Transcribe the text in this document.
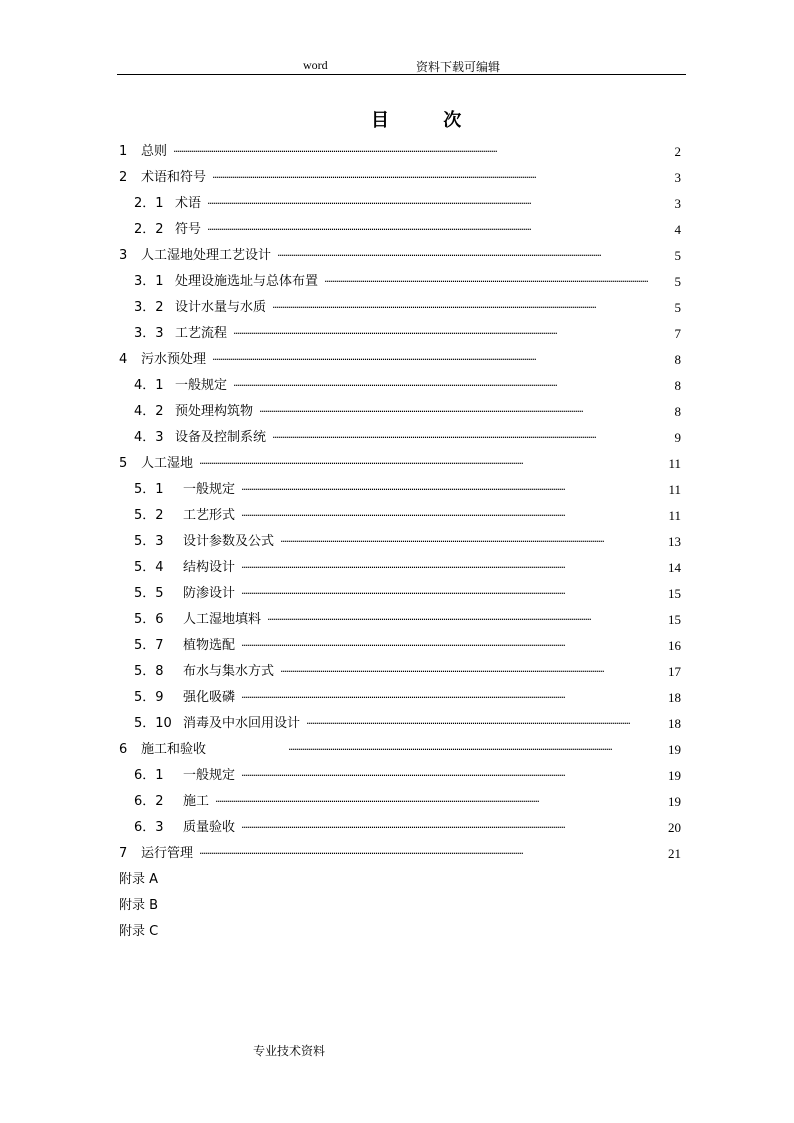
word	资料下载可编辑
目 次
1 总则	2
·····
2 术语和符号	3
·····
2．1 术语	3
·····
2．2 符号	4
·····
3 人工湿地处理工艺设计	5
·····
3．1 处理设施选址与总体布置	5
·····
3．2 设计水量与水质	5
·····
3．3 工艺流程	7
·····
4 污水预处理	8
·····
4．1 一般规定	8
·····
4．2 预处理构筑物	8
·····
4．3 设备及控制系统	9
·····
5 人工湿地	11
·····
5．1 一般规定	11
·····
5．2 工艺形式	11
·····
5．3 设计参数及公式	13
·····
5．4 结构设计	14
·····
5．5 防渗设计	15
·····
5．6 人工湿地填料	15
·····
5．7 植物选配	16
·····
5．8 布水与集水方式	17
·····
5．9 强化吸磷	18
·····
5．10 消毒及中水回用设计	18
·····
6 施工和验收	19
·····
6．1 一般规定	19
·····
6．2 施工	19
·····
6．3 质量验收	20
·····
7 运行管理	21
·····
附录 A
附录 B
附录 C
专业技术资料
